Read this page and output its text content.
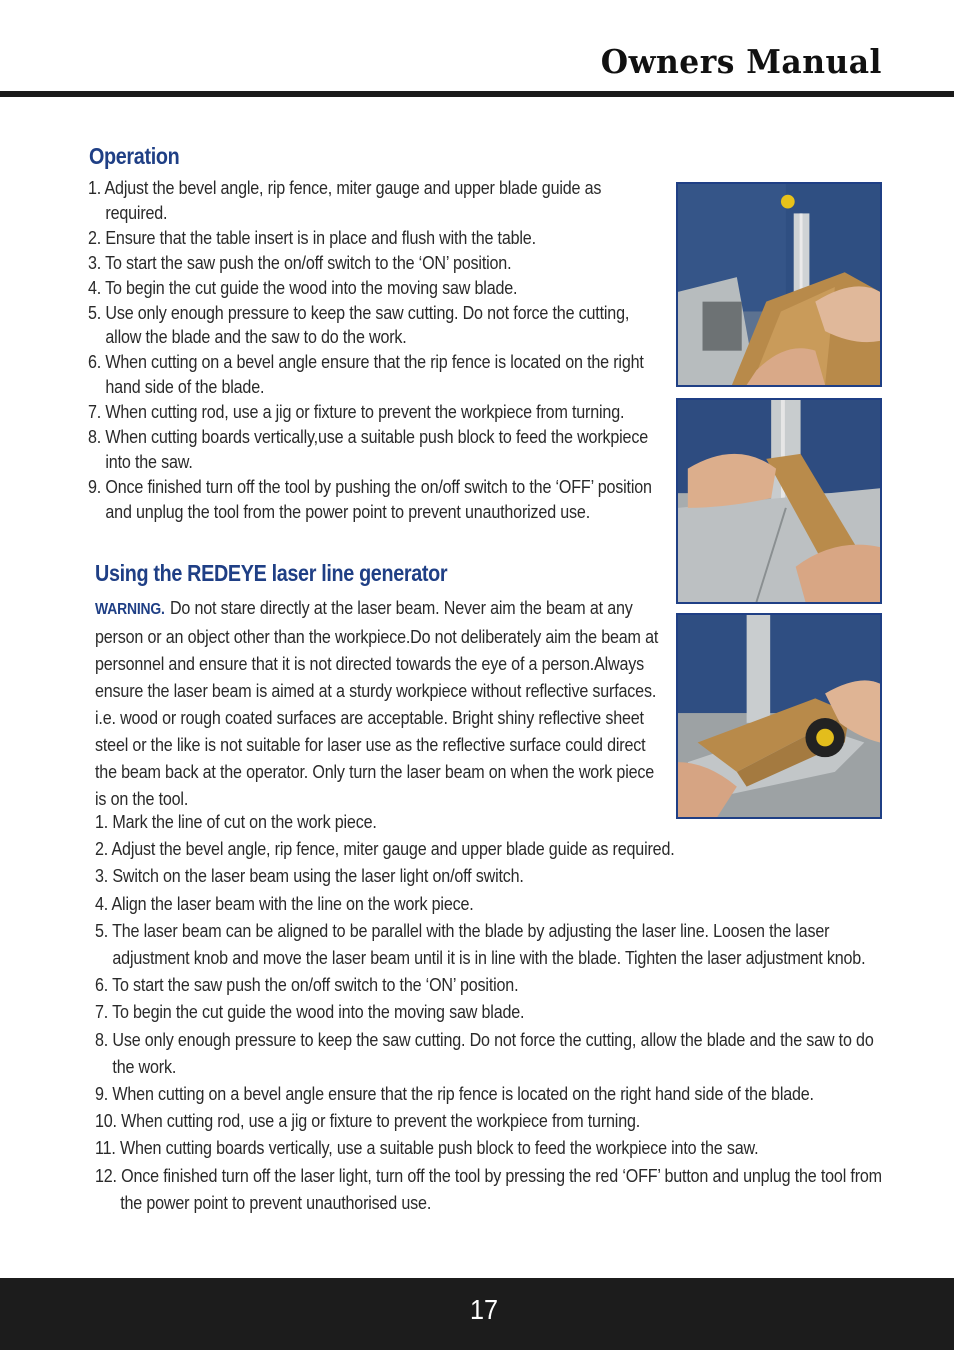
Owners Manual
Operation
1. Adjust the bevel angle, rip fence, miter gauge and upper blade guide as required.
2. Ensure that the table insert is in place and flush with the table.
3. To start the saw push the on/off switch to the ‘ON’ position.
4. To begin the cut guide the wood into the moving saw blade.
5. Use only enough pressure to keep the saw cutting. Do not force the cutting, allow the blade and the saw to do the work.
6. When cutting on a bevel angle ensure that the rip fence is located on the right hand side of the blade.
7. When cutting rod, use a jig or fixture to prevent the workpiece from turning.
8. When cutting boards vertically,use a suitable push block to feed the workpiece into the saw.
9. Once finished turn off the tool by pushing the on/off switch to the ‘OFF’ position and unplug the tool from the power point to prevent unauthorized use.
Using the REDEYE laser line generator
WARNING. Do not stare directly at the laser beam. Never aim the beam at any person or an object other than the workpiece.Do not deliberately aim the beam at personnel and ensure that it is not directed towards the eye of a person.Always ensure the laser beam is aimed at a sturdy workpiece without reflective surfaces. i.e. wood or rough coated surfaces are acceptable. Bright shiny reflective sheet steel or the like is not suitable for laser use as the reflective surface could direct the beam back at the operator. Only turn the laser beam on when the work piece is on the tool.
1. Mark the line of cut on the work piece.
2. Adjust the bevel angle, rip fence, miter gauge and upper blade guide as required.
3. Switch on the laser beam using the laser light on/off switch.
4. Align the laser beam with the line on the work piece.
5. The laser beam can be aligned to be parallel with the blade by adjusting the laser line. Loosen the laser adjustment knob and move the laser beam until it is in line with the blade. Tighten the laser adjustment knob.
6. To start the saw push the on/off switch to the ‘ON’ position.
7. To begin the cut guide the wood into the moving saw blade.
8. Use only enough pressure to keep the saw cutting. Do not force the cutting, allow the blade and the saw to do the work.
9. When cutting on a bevel angle ensure that the rip fence is located on the right hand side of the blade.
10. When cutting rod, use a jig or fixture to prevent the workpiece from turning.
11. When cutting boards vertically, use a suitable push block to feed the workpiece into the saw.
12. Once finished turn off the laser light, turn off the tool by pressing the red ‘OFF’ button and unplug the tool from the power point to prevent unauthorised use.
17
